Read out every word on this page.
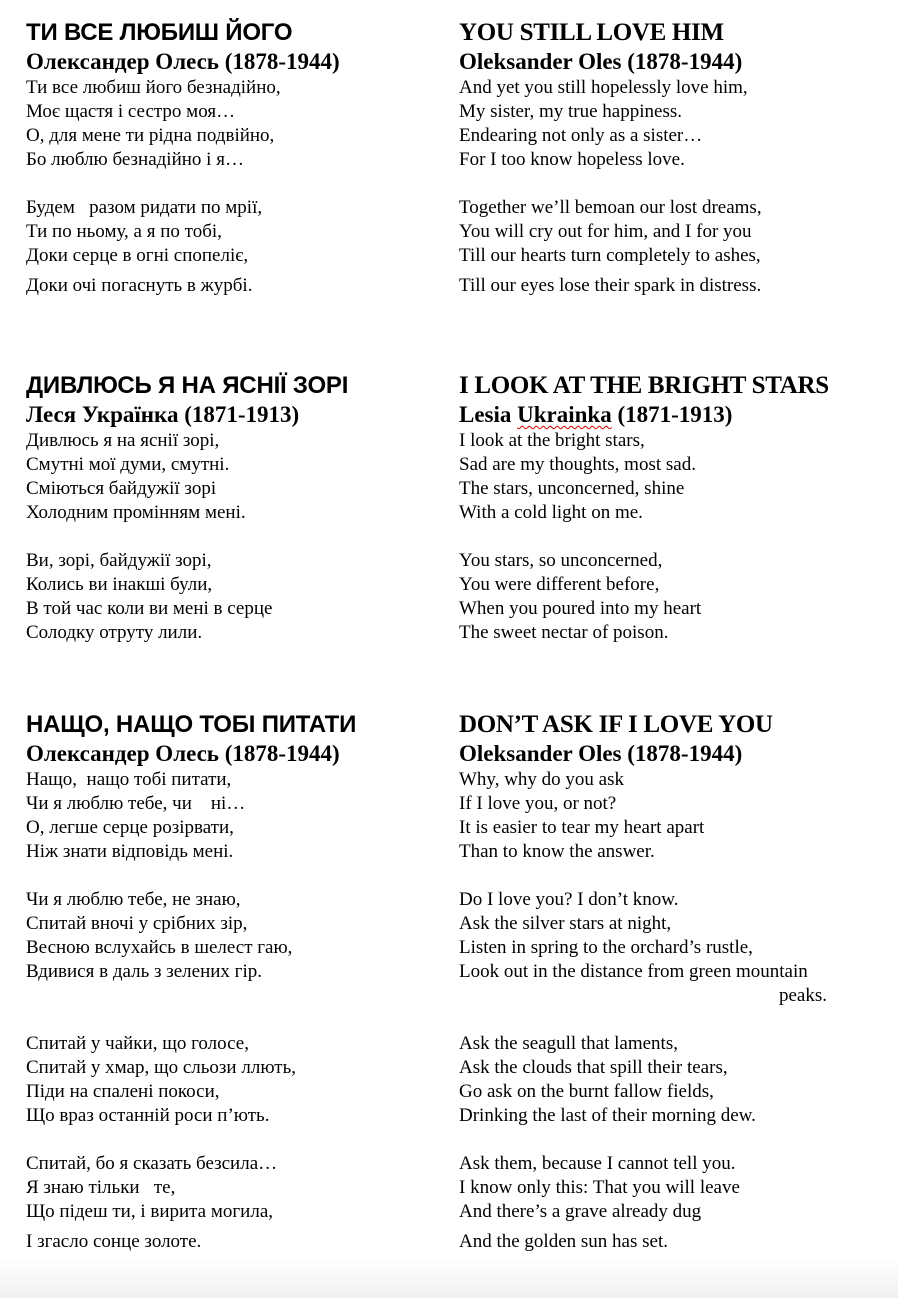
ТИ ВСЕ ЛЮБИШ ЙОГО
Олександер Олесь (1878-1944)
Ти все любиш його безнадійно,
Моє щастя і сестро моя…
О, для мене ти рідна подвійно,
Бо люблю безнадійно і я…
Будем   разом ридати по мрії,
Ти по ньому, а я по тобі,
Доки серце в огні спопеліє,
Доки очі погаснуть в журбі.
ДИВЛЮСЬ Я НА ЯСНІЇ ЗОРІ
Леся Українка (1871-1913)
Дивлюсь я на яснії зорі,
Смутні мої думи, смутні.
Сміються байдужії зорі
Холодним промінням мені.
Ви, зорі, байдужії зорі,
Колись ви інакші були,
В той час коли ви мені в серце
Солодку отруту лили.
НАЩО, НАЩО ТОБІ ПИТАТИ
Олександер Олесь (1878-1944)
Нащо,  нащо тобі питати,
Чи я люблю тебе, чи    ні…
О, легше серце розірвати,
Ніж знати відповідь мені.
Чи я люблю тебе, не знаю,
Спитай вночі у срібних зір,
Весною вслухайсь в шелест гаю,
Вдивися в даль з зелених гір.
Спитай у чайки, що голосе,
Спитай у хмар, що сльози ллють,
Піди на спалені покоси,
Що враз останній роси п’ють.
Спитай, бо я сказать безсила…
Я знаю тільки   те,
Що підеш ти, і вирита могила,
І згасло сонце золоте.
YOU STILL LOVE HIM
Oleksander Oles (1878-1944)
And yet you still hopelessly love him,
My sister, my true happiness.
Endearing not only as a sister…
For I too know hopeless love.
Together we’ll bemoan our lost dreams,
You will cry out for him, and I for you
Till our hearts turn completely to ashes,
Till our eyes lose their spark in distress.
I LOOK AT THE BRIGHT STARS
Lesia Ukrainka (1871-1913)
I look at the bright stars,
Sad are my thoughts, most sad.
The stars, unconcerned, shine
With a cold light on me.
You stars, so unconcerned,
You were different before,
When you poured into my heart
The sweet nectar of poison.
DON’T ASK IF I LOVE YOU
Oleksander Oles (1878-1944)
Why, why do you ask
If I love you, or not?
It is easier to tear my heart apart
Than to know the answer.
Do I love you? I don’t know.
Ask the silver stars at night,
Listen in spring to the orchard’s rustle,
Look out in the distance from green mountain
peaks.
Ask the seagull that laments,
Ask the clouds that spill their tears,
Go ask on the burnt fallow fields,
Drinking the last of their morning dew.
Ask them, because I cannot tell you.
I know only this: That you will leave
And there’s a grave already dug
And the golden sun has set.
